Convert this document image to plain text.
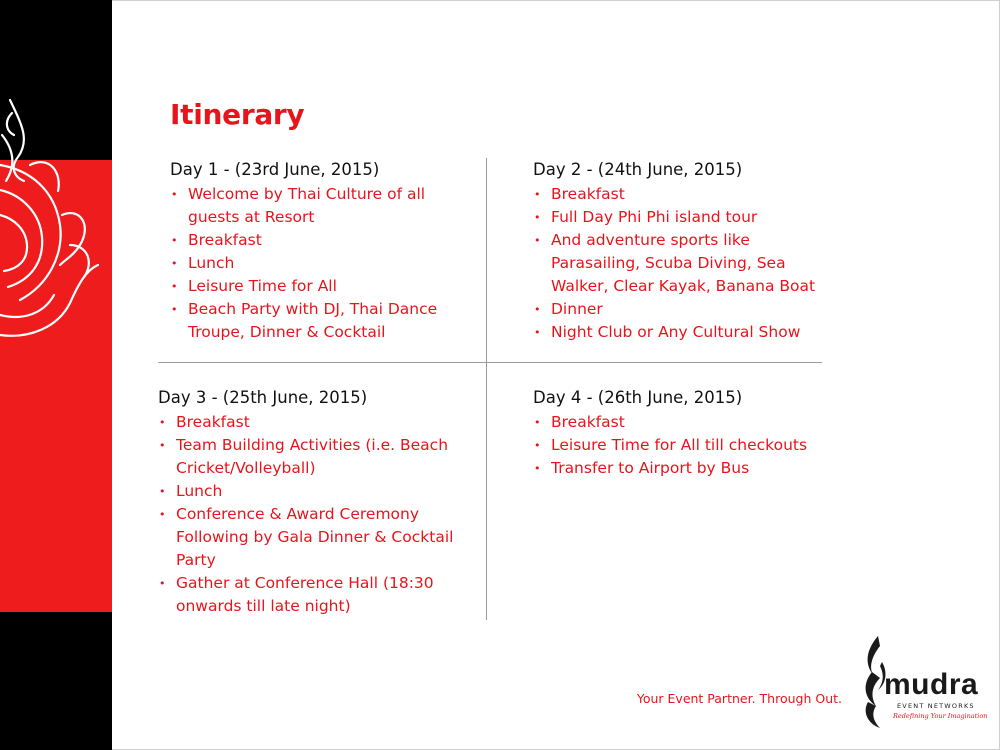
Itinerary
Day 1 - (23rd June, 2015)
• Welcome by Thai Culture of all guests at Resort
• Breakfast
• Lunch
• Leisure Time for All
• Beach Party with DJ, Thai Dance Troupe, Dinner & Cocktail
Day 2 - (24th June, 2015)
• Breakfast
• Full Day Phi Phi island tour
• And adventure sports like Parasailing, Scuba Diving, Sea Walker, Clear Kayak, Banana Boat
• Dinner
• Night Club or Any Cultural Show
Day 3 - (25th June, 2015)
• Breakfast
• Team Building Activities (i.e. Beach Cricket/Volleyball)
• Lunch
• Conference & Award Ceremony Following by Gala Dinner & Cocktail Party
• Gather at Conference Hall (18:30 onwards till late night)
Day 4 - (26th June, 2015)
• Breakfast
• Leisure Time for All till checkouts
• Transfer to Airport by Bus
Your Event Partner. Through Out. mudra
EVENT NETWORKS
Redefining Your Imagination
